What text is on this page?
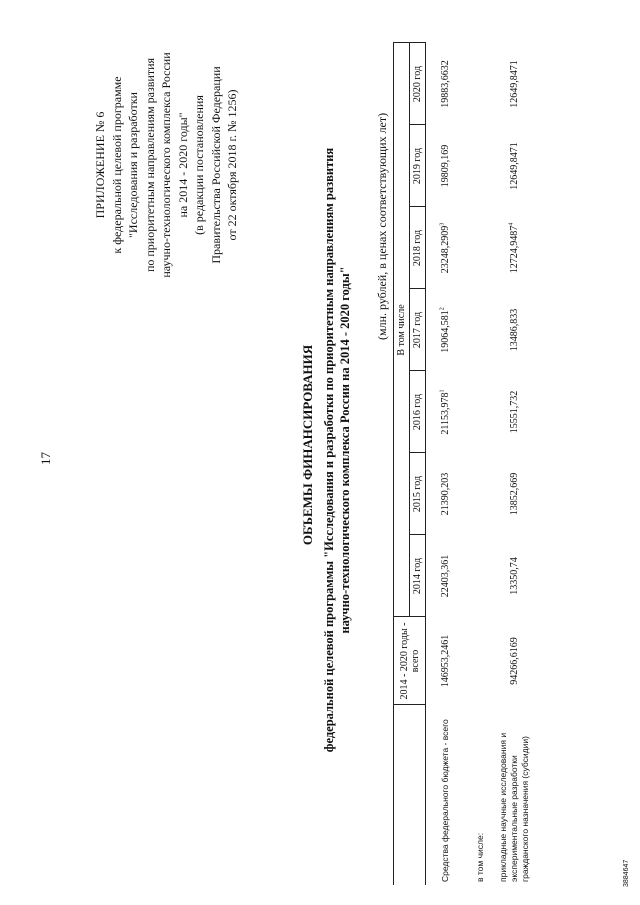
17
ПРИЛОЖЕНИЕ № 6 к федеральной целевой программе "Исследования и разработки по приоритетным направлениям развития научно-технологического комплекса России на 2014 - 2020 годы" (в редакции постановления Правительства Российской Федерации от 22 октября 2018 г. № 1256)
ОБЪЕМЫ ФИНАНСИРОВАНИЯ федеральной целевой программы "Исследования и разработки по приоритетным направлениям развития научно-технологического комплекса России на 2014 - 2020 годы"
(млн. рублей, в ценах соответствующих лет)
	2014 - 2020 годы - всего	В том числе						
		2014 год	2015 год	2016 год	2017 год	2018 год	2019 год	2020 год
Средства федерального бюджета - всего	146953,2461	22403,361	21390,203	21153,978$^1$	19064,581$^2$	23248,2909$^3$	19809,169	19883,6632
в том числе:								
прикладные научные исследования и экспериментальные разработки гражданского назначения (субсидии)	94266,6169	13350,74	13852,669	15551,732	13486,833	12724,9487$^4$	12649,8471	12649,8471
3884647
